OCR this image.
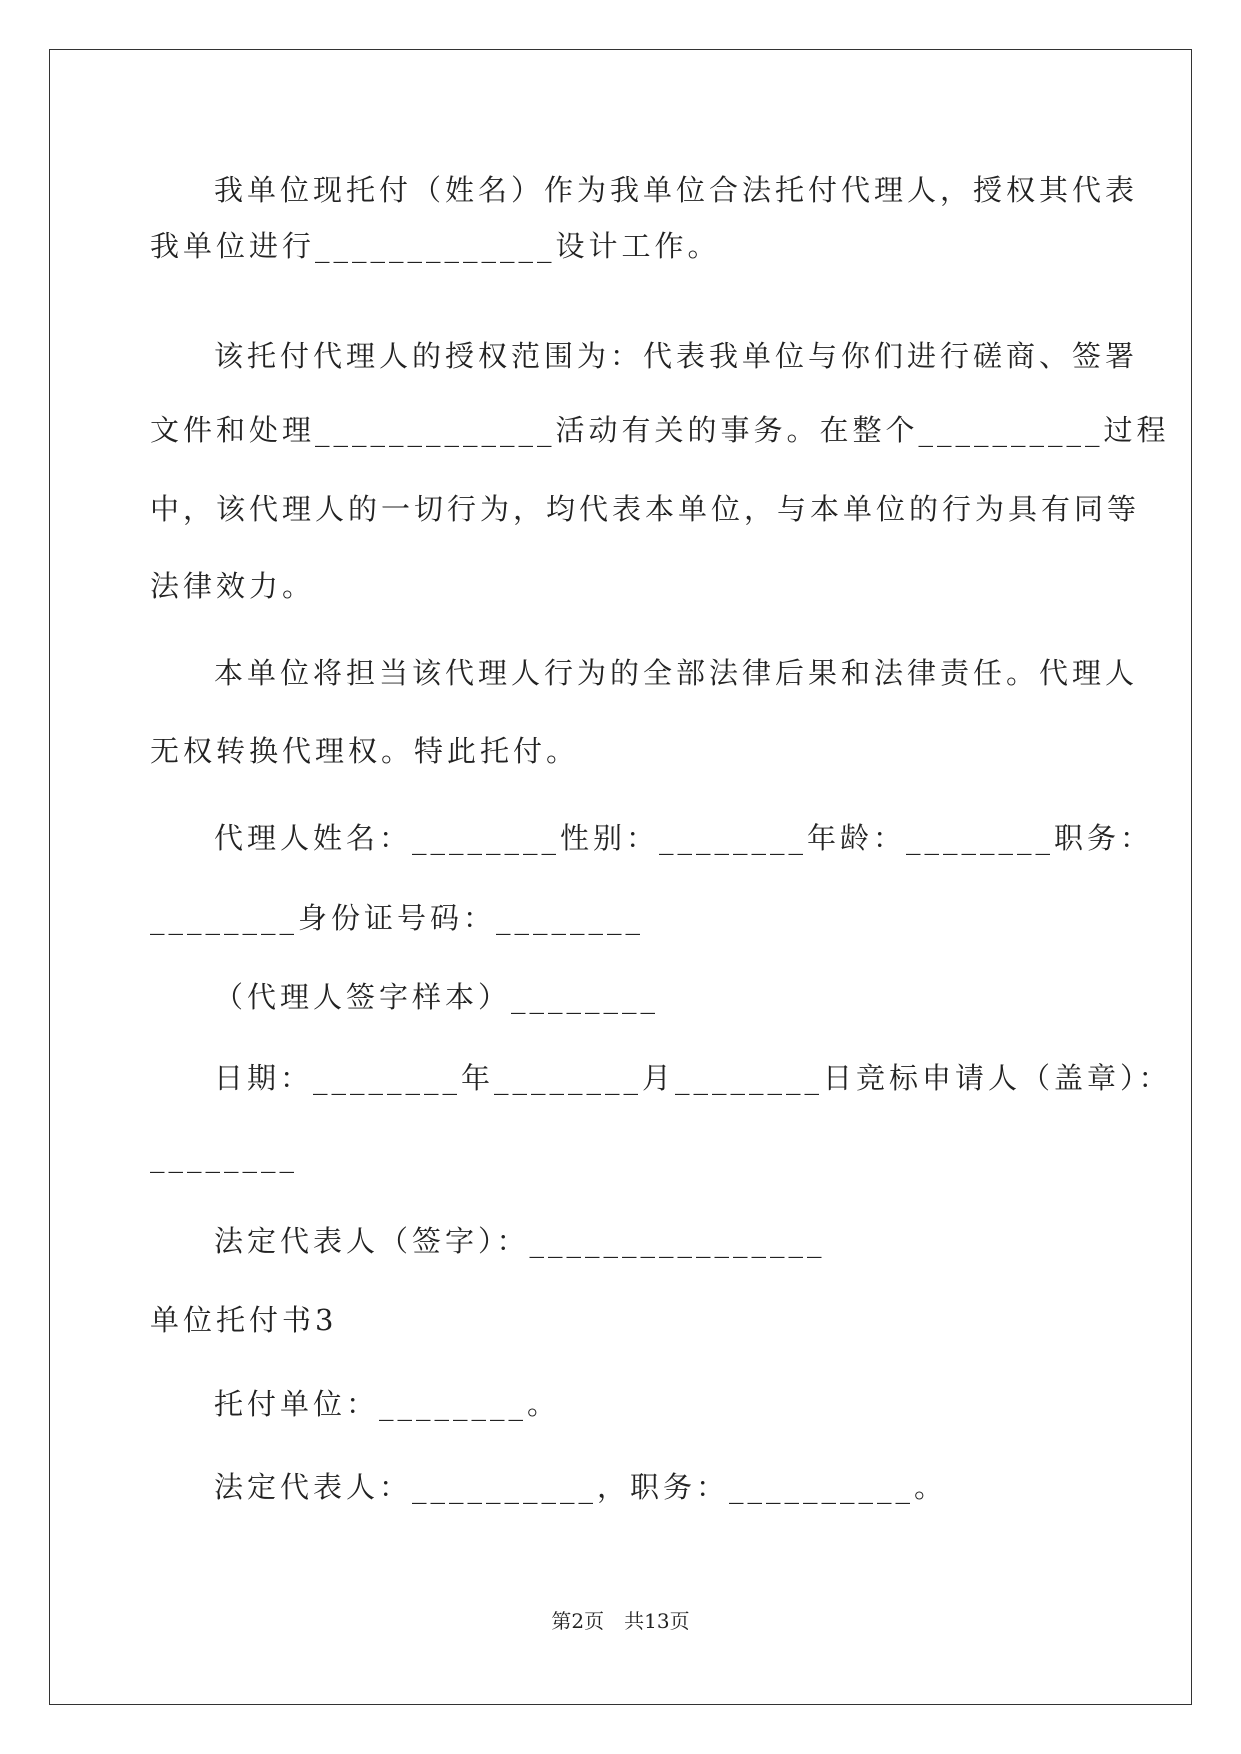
我单位现托付（姓名）作为我单位合法托付代理人，授权其代表
我单位进行_____________设计工作。
该托付代理人的授权范围为：代表我单位与你们进行磋商、签署
文件和处理_____________活动有关的事务。在整个__________过程
中，该代理人的一切行为，均代表本单位，与本单位的行为具有同等
法律效力。
本单位将担当该代理人行为的全部法律后果和法律责任。代理人
无权转换代理权。特此托付。
代理人姓名：________性别：________年龄：________职务：
________身份证号码：________
（代理人签字样本）________
日期：________年________月________日竞标申请人（盖章）：
________
法定代表人（签字）：________________
单位托付书3
托付单位：________。
法定代表人：__________，职务：__________。
第2页　共13页
